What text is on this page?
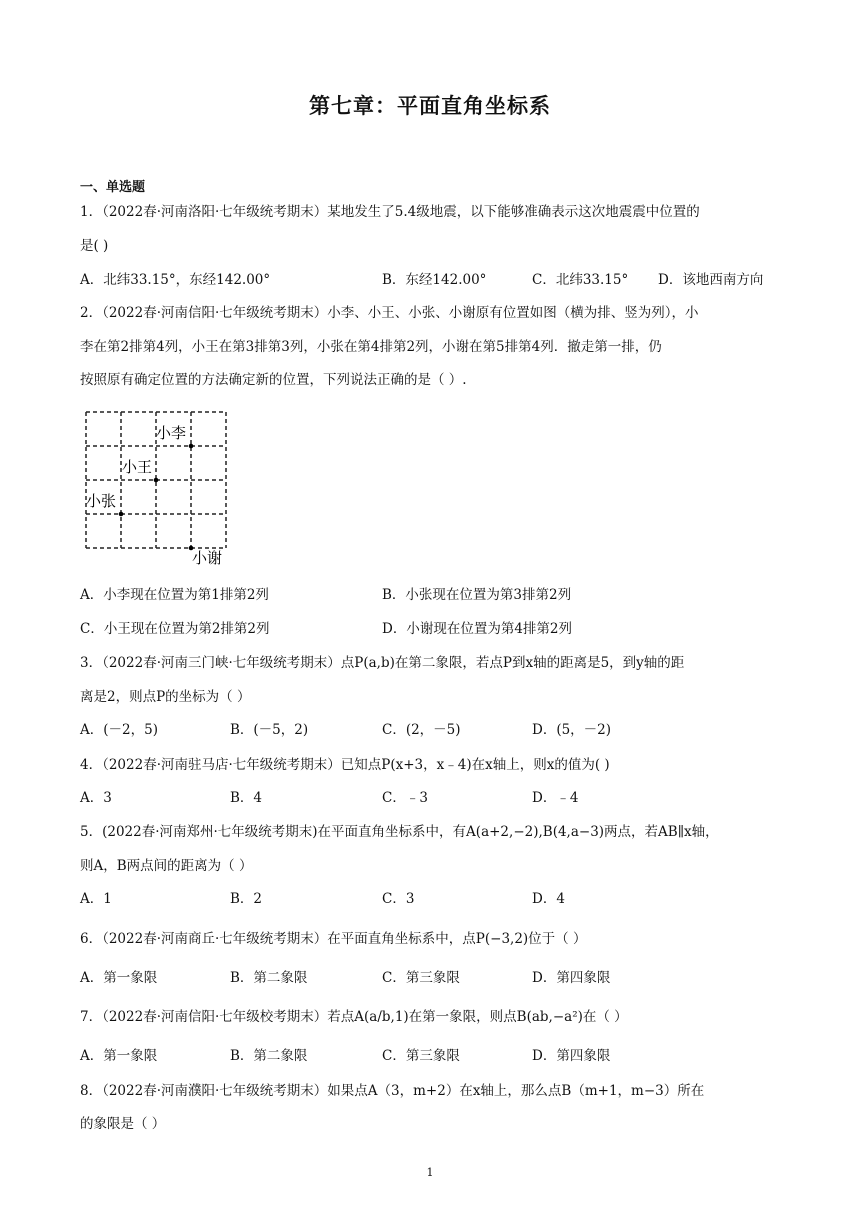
第七章：平面直角坐标系
一、单选题
1．（2022春·河南洛阳·七年级统考期末）某地发生了5.4级地震，以下能够准确表示这次地震震中位置的
是( )
A．北纬33.15°，东经142.00°	B．东经142.00°	C．北纬33.15° D．该地西南方向
2．（2022春·河南信阳·七年级统考期末）小李、小王、小张、小谢原有位置如图（横为排、竖为列），小
李在第2排第4列，小王在第3排第3列，小张在第4排第2列，小谢在第5排第4列．撤走第一排，仍
按照原有确定位置的方法确定新的位置，下列说法正确的是（ ）.
小李
小王
小张
小谢
A．小李现在位置为第1排第2列	B．小张现在位置为第3排第2列
C．小王现在位置为第2排第2列	D．小谢现在位置为第4排第2列
3．（2022春·河南三门峡·七年级统考期末）点P(a,b)在第二象限，若点P到x轴的距离是5，到y轴的距
离是2，则点P的坐标为（ ）
A．(－2，5)	B．(－5，2)	C．(2，－5)	D．(5，－2)
4．（2022春·河南驻马店·七年级统考期末）已知点P(x+3，x﹣4)在x轴上，则x的值为( )
A．3	B．4	C．﹣3	D．﹣4
5．(2022春·河南郑州·七年级统考期末)在平面直角坐标系中，有A(a+2,−2),B(4,a−3)两点，若AB∥x轴，
则A，B两点间的距离为（ ）
A．1	B．2	C．3	D．4
6．（2022春·河南商丘·七年级统考期末）在平面直角坐标系中，点P(−3,2)位于（ ）
A．第一象限	B．第二象限	C．第三象限	D．第四象限
7．（2022春·河南信阳·七年级校考期末）若点A(a/b,1)在第一象限，则点B(ab,−a²)在（ ）
A．第一象限	B．第二象限	C．第三象限	D．第四象限
8．（2022春·河南濮阳·七年级统考期末）如果点A（3，m+2）在x轴上，那么点B（m+1，m−3）所在
的象限是（ ）
1
